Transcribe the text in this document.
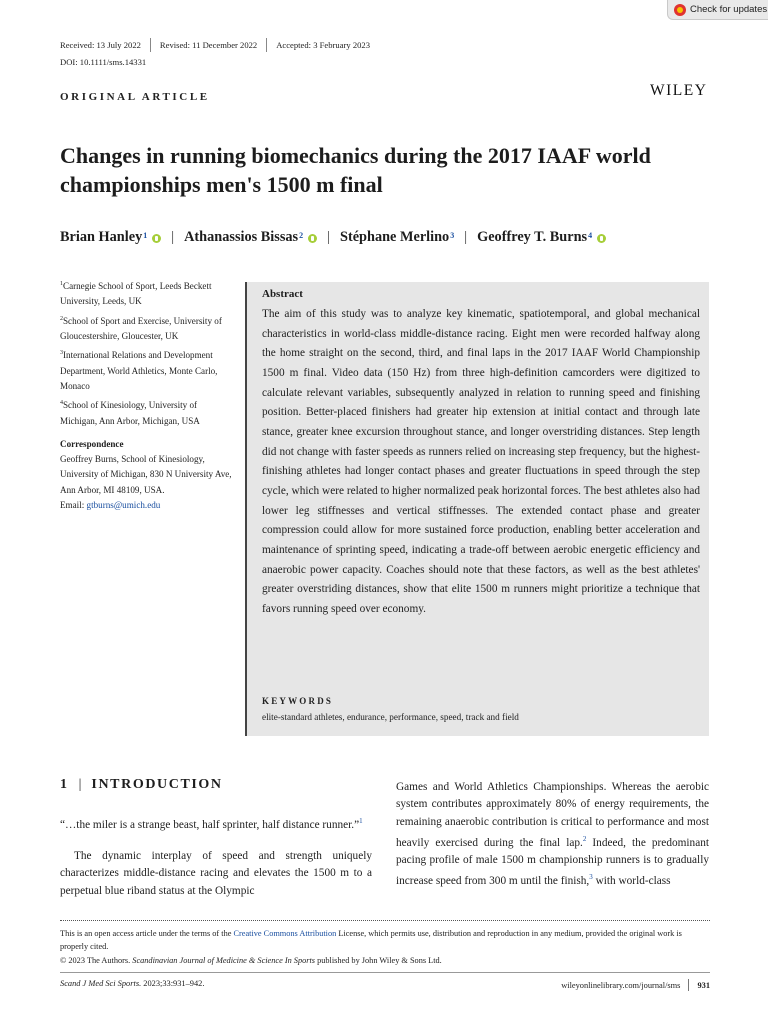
Check for updates
Received: 13 July 2022 Revised: 11 December 2022 Accepted: 3 February 2023
DOI: 10.1111/sms.14331
ORIGINAL ARTICLE	WILEY
Changes in running biomechanics during the 2017 IAAF world championships men's 1500 m final
Brian Hanley$^1$ | Athanassios Bissas$^2$ | Stéphane Merlino$^3$ | Geoffrey T. Burns$^4$
$^1$Carnegie School of Sport, Leeds Beckett University, Leeds, UK
$^2$School of Sport and Exercise, University of Gloucestershire, Gloucester, UK
$^3$International Relations and Development Department, World Athletics, Monte Carlo, Monaco
$^4$School of Kinesiology, University of Michigan, Ann Arbor, Michigan, USA
Correspondence
Geoffrey Burns, School of Kinesiology, University of Michigan, 830 N University Ave, Ann Arbor, MI 48109, USA.
Email: gtburns@umich.edu
Abstract

The aim of this study was to analyze key kinematic, spatiotemporal, and global mechanical characteristics in world-class middle-distance racing. Eight men were recorded halfway along the home straight on the second, third, and final laps in the 2017 IAAF World Championship 1500 m final. Video data (150 Hz) from three high-definition camcorders were digitized to calculate relevant variables, subsequently analyzed in relation to running speed and finishing position. Better-placed finishers had greater hip extension at initial contact and through late stance, greater knee excursion throughout stance, and longer overstriding distances. Step length did not change with faster speeds as runners relied on increasing step frequency, but the highest-finishing athletes had longer contact phases and greater fluctuations in speed through the step cycle, which were related to higher normalized peak horizontal forces. The best athletes also had lower leg stiffnesses and vertical stiffnesses. The extended contact phase and greater compression could allow for more sustained force production, enabling better acceleration and maintenance of sprinting speed, indicating a trade-off between aerobic energetic efficiency and anaerobic power capacity. Coaches should note that these factors, as well as the best athletes' greater overstriding distances, show that elite 1500 m runners might prioritize a technique that favors running speed over economy.

KEYWORDS
elite-standard athletes, endurance, performance, speed, track and field
1 | INTRODUCTION

“…the miler is a strange beast, half sprinter, half distance runner.”$^1$

The dynamic interplay of speed and strength uniquely characterizes middle-distance racing and elevates the 1500 m to a perpetual blue riband status at the Olympic

Games and World Athletics Championships. Whereas the aerobic system contributes approximately 80% of energy requirements, the remaining anaerobic contribution is critical to performance and most heavily exercised during the final lap.$^2$ Indeed, the predominant pacing profile of male 1500 m championship runners is to gradually increase speed from 300 m until the finish,$^3$ with world-class

This is an open access article under the terms of the Creative Commons Attribution License, which permits use, distribution and reproduction in any medium, provided the original work is properly cited.
© 2023 The Authors. Scandinavian Journal of Medicine & Science In Sports published by John Wiley & Sons Ltd.
Scand J Med Sci Sports. 2023;33:931–942.	wileyonlinelibrary.com/journal/sms 931
